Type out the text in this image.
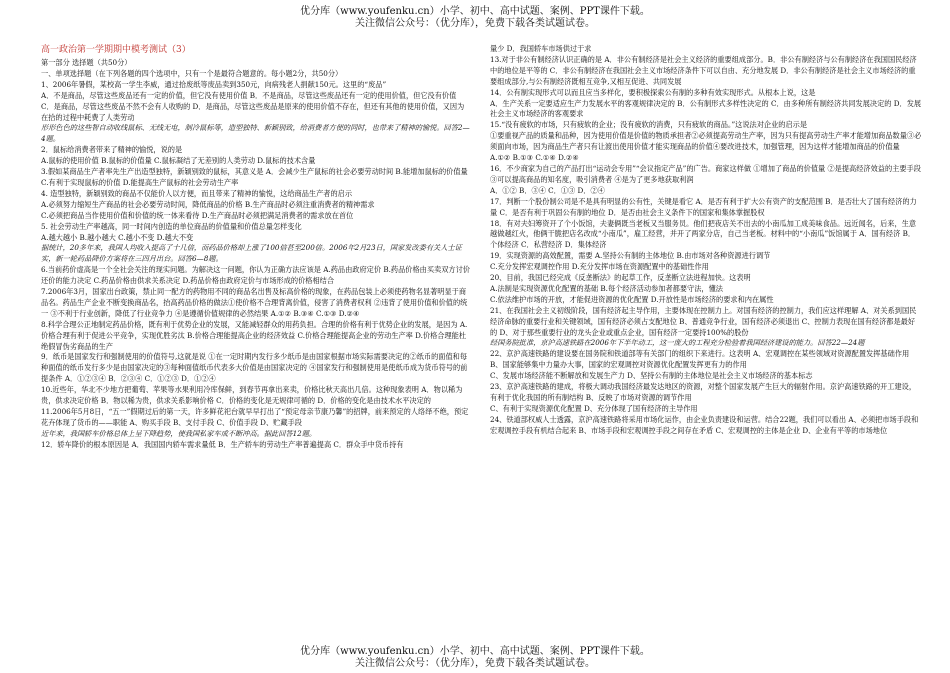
优分库（www.youfenku.cn）小学、初中、高中试题、案例、PPT课件下载。
关注微信公众号：（优分库），免费下载各类试题试卷。
高一政治第一学期期中模考测试（3）

第一部分 选择题（共50分）

一、单项选择题（在下列各题的四个选项中，只有一个是最符合题意的。每小题2分，共50分）

1、2006年暑假，某校高一学生李威，通过拾废纸等废品卖到350元，向病残老人捐献150元。这里的“废品”

A．不是商品，尽管这些废品还有一定的价值，但它没有使用价值 B．不是商品，尽管这些废品还有一定的使用价值，但它没有价值 C．是商品，尽管这些废品不然不会有人收购的 D．是商品，尽管这些废品是原来的使用价值不存在，但还有其他的使用价值，又因为在拾的过程中耗费了人类劳动

形形色色的这些智自动收线鼠标、无线无电，制冷鼠标等，造型独特、新颖别致，给消费者方便的同时，也带来了精神的愉悦。回答2—4题。

2．鼠标给消费者带来了精神的愉悦，说的是

A.鼠标的使用价值 B.鼠标的价值量 C.鼠标凝结了无差别的人类劳动 D.鼠标的技术含量

3.假如某商品生产者率先生产出造型独特，新颖别致的鼠标，其意义是 A．会减少生产鼠标的社会必要劳动时间 B.能增加鼠标的价值量 C.有利于实现鼠标的价值 D.能提高生产鼠标的社会劳动生产率

4. 造型独特，新颖别致的商品不仅能价人以方便，而且带来了精神的愉悦，这给商品生产者的启示

A.必须努力缩短生产商品的社会必要劳动时间，降低商品的价格 B.生产商品时必须注重消费者的精神需求

C.必须把商品当作使用价值和价值的统一体来看待 D.生产商品时必须把满足消费者的需求放在首位

5. 社会劳动生产率越高，同一时间内创造的单位商品的价值量和价值总量怎样变化

A.越大越小 B.越小越大 C.越小不变 D.越大不变

据统计，20多年来，我国人均收入提高了十几倍，而药品价格却上涨了100倍甚至200倍。2006年2月23日，国家发改委有关人士证实，新一轮药品降价方案将在三四月出台。回答6—8题。

6.当前药价虚高是一个全社会关注的现实问题。为解决这一问题，你认为正确方法应该是 A.药品由政府定价 B.药品价格由买卖双方讨价还价的能力决定 C.药品价格由供求关系决定 D.药品价格由政府定价与市场形成的价格相结合

7.2006年3月，国家出台政策，禁止同一配方的药物用不同的商品名出售及标高价格的现象，在药品包装上必须使药物名显著明显于商品名。药品生产企业不断变换商品名，抬高药品价格的做法①使价格不合理背离价值，侵害了消费者权利 ②违背了使用价值和价值的统一 ③不利于行业创新，降低了行业竞争力 ④是遵循价值规律的必然结果 A.①② B.③④ C.①③ D.②④

8.科学合理公正地制定药品价格，既有利于优势企业的发展，又能减轻群众的用药负担。合理的价格有利于优势企业的发展，是因为 A.价格合理有利于促进公平竞争，实现优胜劣汰 B.价格合理能提高企业的经济效益 C.价格合理能提高企业的劳动生产率 D.价格合理能杜绝假冒伪劣商品的生产

9．纸币是国家发行和强制使用的价值符号,这就是说 ①在一定时期内发行多少纸币是由国家根据市场实际需要决定的②纸币的面值和每种面值的纸币发行多少是由国家决定的③每种面值纸币代表多大价值是由国家决定的 ④国家发行和强制使用是使纸币成为货币符号的前提条件 A．①②③④ B．②③④ C．①②③ D．①②④

10.近些年，华北不少地方把葡萄、苹果等水果利用冷库保鲜，到春节再拿出来卖，价格比秋天高出几倍。这种现象表明 A．物以稀为贵，供求决定价格 B．物以稀为贵，供求关系影响价格 C．价格的变化是无规律可循的 D．价格的变化是由技术水平决定的

11.2006年5月8日，“五一”假期过后的第一天，许多鲜花祀台就早早打出了“预定母亲节康乃馨”的招牌，前来预定的人络绎不绝，预定花卉体现了货币的——职能 A、购买手段 B、支付手段 C、价值手段 D、贮藏手段

近年来，我国轿车价格总体上呈下降趋势，使我国私家车成不断冲高。据此回答12题。

12．轿车降价的根本原因是 A．我国国内轿车需求量低 B．生产轿车的劳动生产率普遍提高 C．群众手中货币持有

量少 D．我国轿车市场供过于求

13.对于非公有制经济认识正确的是 A．非公有制经济是社会主义经济的重要组成部分。B．非公有制经济与公有制经济在我国国民经济中的地位是平等的 C．非公有制经济在我国社会主义市场经济条件下可以自由、充分地发展 D．非公有制经济是社会主义市场经济的重要组成部分,与公有制经济既相互竞争,又相互促进、共同发展

14．公有制实现形式可以而且应当多样化，要积极探索公有制的多种有效实现形式。从根本上说，这是

A．生产关系一定要适应生产力发展水平的客观规律决定的 B．公有制形式多样性决定的 C．由多种所有制经济共同发展决定的 D．发展社会主义市场经济的客观要求

15.“没有疲软的市场，只有疲软的企业；没有疲软的消费，只有疲软的商品。”这说法对企业的启示是

①要重视产品的质量和品种，因为使用价值是价值的物质承担者②必须提高劳动生产率，因为只有提高劳动生产率才能增加商品数量③必须面向市场，因为商品生产者只有让渡出使用价值才能实现商品的价值④要改进技术，加强管理，因为这样才能增加商品的价值量 A.①② B.①③ C.①④ D.②④

16．不少商家为自己的产品打出“运动会专用”“会议指定产品”的广告。商家这样做 ①增加了商品的价值量 ②是提高经济效益的主要手段 ③可以提高商品的知名度，吸引消费者 ④是为了更多地获取利润

A．①② B．③④ C．①③ D．②④

17．判断一个股份制公司是不是具有明显的公有性，关键是看它 A．是否有利于扩大公有资产的支配范围 B．是否壮大了国有经济的力量 C．是否有利于巩固公有制的地位 D．是否由社会主义条件下的国家和集体掌握股权

18．有对夫妇筹资开了个小饭馆，夫妻俩既当老板又当服务员。他们把夜店关不出去的小南瓜加工成美味食品。远近闻名，后来，生意越做越红火，他俩干脆把店名改成“小南瓜”，雇工经营，并开了两家分店，自己当老板。材料中的“小南瓜”饭馆属于 A．国有经济 B．个体经济 C．私营经济 D．集体经济

19．实现资源的高效配置，需要 A.坚持公有制的主体地位 B.由市场对各种资源进行调节

C.充分发挥宏观调控作用 D.充分发挥市场在资源配置中的基础性作用

20、目前，我国已经完成《反垄断法》的起草工作，反垄断立法进程加快。这表明

A.法制是实现资源优化配置的基础 B.每个经济活动参加者都要守法，懂法

C.依法维护市场的开放，才能促进资源的优化配置 D.开放性是市场经济的要求和内在属性

21、在我国社会主义初级阶段，国有经济起主导作用，主要体现在控制力上。对国有经济的控制力，我们应这样理解 A、对关系到国民经济命脉的重要行业和关键领域，国有经济必须占支配地位 B、普通竞争行业，国有经济必须退出 C、控制力表现在国有经济都是最好的 D、对于那些重要行业的龙头企业或重点企业，国有经济一定要持100%的股份

经国务院批准，京沪高速铁路在2006年下半年动工，这一庞大的工程充分检验着我国经济建设的能力。回答22—24题

22、京沪高速铁路的建设要在国务院和铁道部等有关部门的组织下来进行。这表明 A、宏观调控在某些领域对资源配置发挥基础作用 B、国家能够集中力量办大事，国家的宏观调控对资源优化配置发挥更有力的作用

C、发展市场经济能不断解放和发展生产力 D、坚持公有制的主体地位是社会主义市场经济的基本标志

23、京沪高速铁路的建成，将极大调动我国经济最发达地区的资源，对整个国家发展产生巨大的辐射作用。京沪高速铁路的开工建设，有利于优化我国的所有制结构 B、反映了市场对资源的调节作用

C、有利于实现资源优化配置 D、充分体现了国有经济的主导作用

24、铁道部权威人士透露，京沪高速铁路将采用市场化运作，由企业负责建设和运营。结合22题，我们可以看出 A、必须把市场手段和宏观调控手段有机结合起来 B、市场手段和宏观调控手段之间存在矛盾 C、宏观调控的主体是企业 D、企业有平等的市场地位

优分库（www.youfenku.cn）小学、初中、高中试题、案例、PPT课件下载。
关注微信公众号：（优分库），免费下载各类试题试卷。
